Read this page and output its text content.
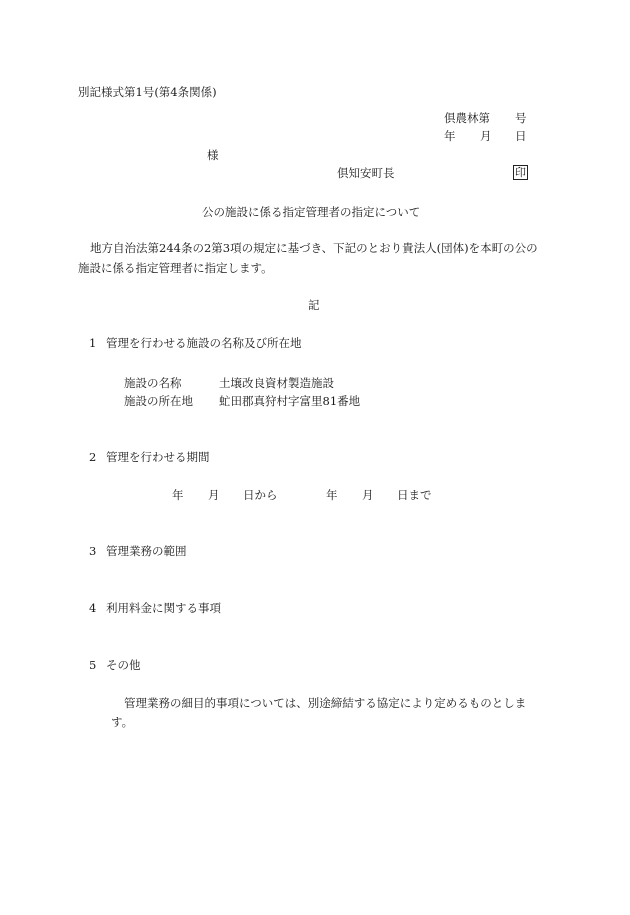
別記様式第1号(第4条関係)
倶農林第 号
年 月 日
様
倶知安町長	印
公の施設に係る指定管理者の指定について
地方自治法第244条の2第3項の規定に基づき、下記のとおり貴法人(団体)を本町の公の
施設に係る指定管理者に指定します。
記
1 管理を行わせる施設の名称及び所在地
施設の名称	土壌改良資材製造施設
施設の所在地 虻田郡真狩村字富里81番地
2 管理を行わせる期間
年 月 日から	年 月 日まで
3 管理業務の範囲
4 利用料金に関する事項
5 その他
管理業務の細目的事項については、別途締結する協定により定めるものとしま
す。
